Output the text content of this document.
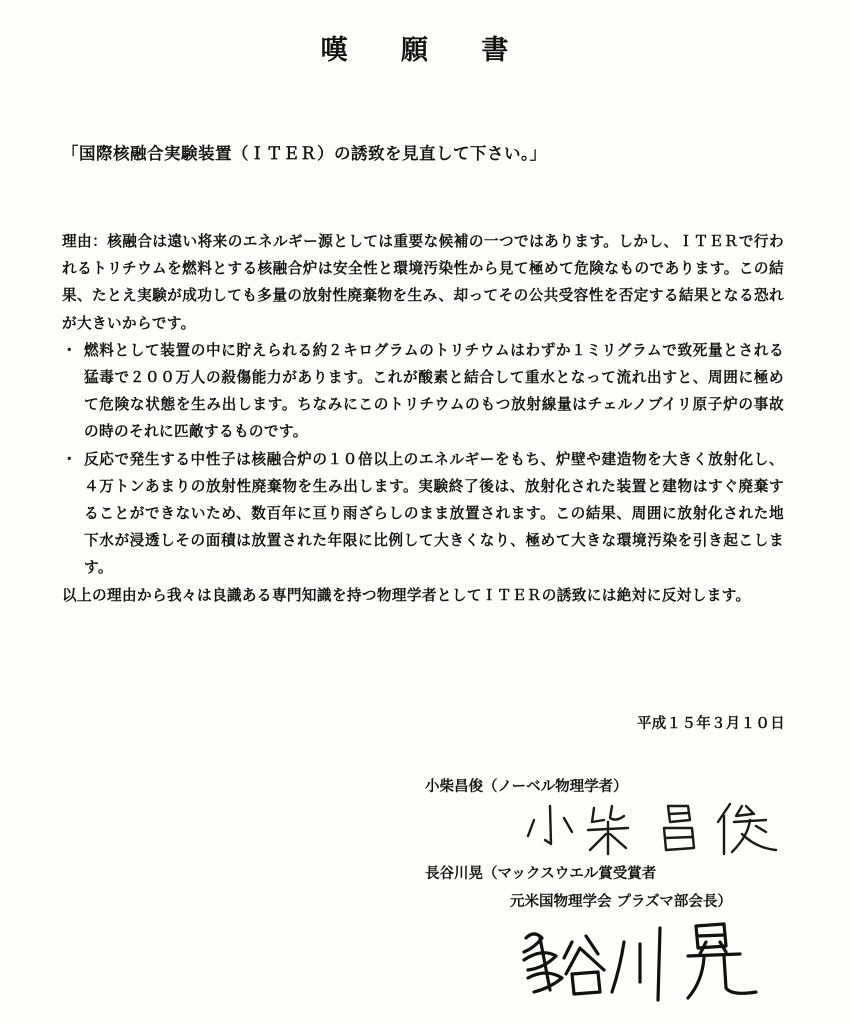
嘆 願 書
「国際核融合実験装置（ＩＴＥＲ）の誘致を見直して下さい。」

理由：核融合は遠い将来のエネルギー源としては重要な候補の一つではあります。しかし、ＩＴＥＲで行われるトリチウムを燃料とする核融合炉は安全性と環境汚染性から見て極めて危険なものであります。この結果、たとえ実験が成功しても多量の放射性廃棄物を生み、却ってその公共受容性を否定する結果となる恐れが大きいからです。

・ 燃料として装置の中に貯えられる約２キログラムのトリチウムはわずか１ミリグラムで致死量とされる猛毒で２００万人の殺傷能力があります。これが酸素と結合して重水となって流れ出すと、周囲に極めて危険な状態を生み出します。ちなみにこのトリチウムのもつ放射線量はチェルノブイリ原子炉の事故の時のそれに匹敵するものです。
・ 反応で発生する中性子は核融合炉の１０倍以上のエネルギーをもち、炉壁や建造物を大きく放射化し、４万トンあまりの放射性廃棄物を生み出します。実験終了後は、放射化された装置と建物はすぐ廃棄することができないため、数百年に亘り雨ざらしのまま放置されます。この結果、周囲に放射化された地下水が浸透しその面積は放置された年限に比例して大きくなり、極めて大きな環境汚染を引き起こします。

以上の理由から我々は良識ある専門知識を持つ物理学者としてＩＴＥＲの誘致には絶対に反対します。

平成１５年３月１０日
小柴昌俊（ノーベル物理学者）
長谷川晃（マックスウエル賞受賞者
元米国物理学会 プラズマ部会長）
